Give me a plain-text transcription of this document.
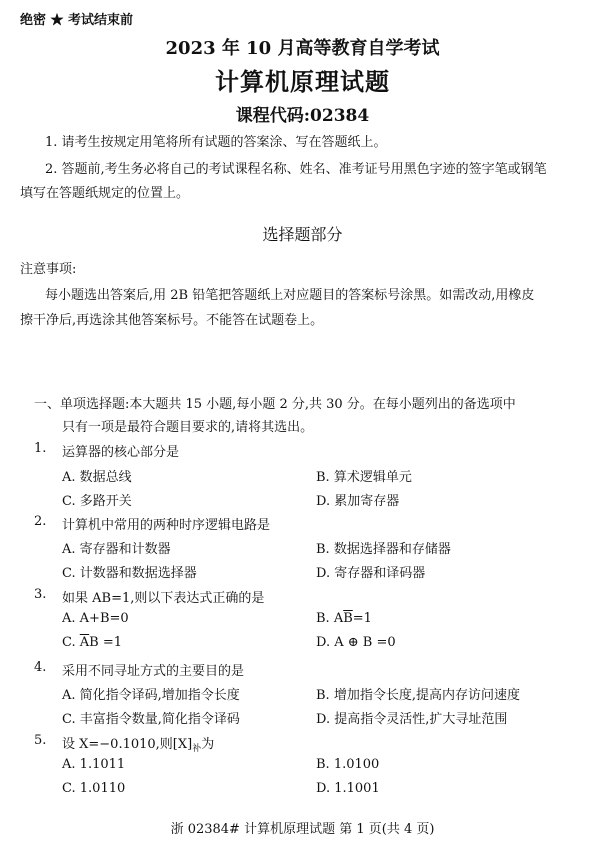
绝密 ★ 考试结束前
2023 年 10 月高等教育自学考试
计算机原理试题
课程代码:02384
1. 请考生按规定用笔将所有试题的答案涂、写在答题纸上。
2. 答题前,考生务必将自己的考试课程名称、姓名、准考证号用黑色字迹的签字笔或钢笔
填写在答题纸规定的位置上。
选择题部分
注意事项:
每小题选出答案后,用 2B 铅笔把答题纸上对应题目的答案标号涂黑。如需改动,用橡皮
擦干净后,再选涂其他答案标号。不能答在试题卷上。
一、单项选择题:本大题共 15 小题,每小题 2 分,共 30 分。在每小题列出的备选项中
只有一项是最符合题目要求的,请将其选出。
1. 运算器的核心部分是
A. 数据总线	B. 算术逻辑单元
C. 多路开关	D. 累加寄存器
2. 计算机中常用的两种时序逻辑电路是
A. 寄存器和计数器	B. 数据选择器和存储器
C. 计数器和数据选择器	D. 寄存器和译码器
3. 如果 AB=1,则以下表达式正确的是
A. A+B=0	B. $A\overline{B}=1$
C. $\overline{A}B =1$	D. A ⊕ B =0
4. 采用不同寻址方式的主要目的是
A. 简化指令译码,增加指令长度	B. 增加指令长度,提高内存访问速度
C. 丰富指令数量,简化指令译码	D. 提高指令灵活性,扩大寻址范围
5. 设 X=−0.1010,则$[X]_补$为
A. 1.1011	B. 1.0100
C. 1.0110	D. 1.1001
浙 02384# 计算机原理试题 第 1 页(共 4 页)
